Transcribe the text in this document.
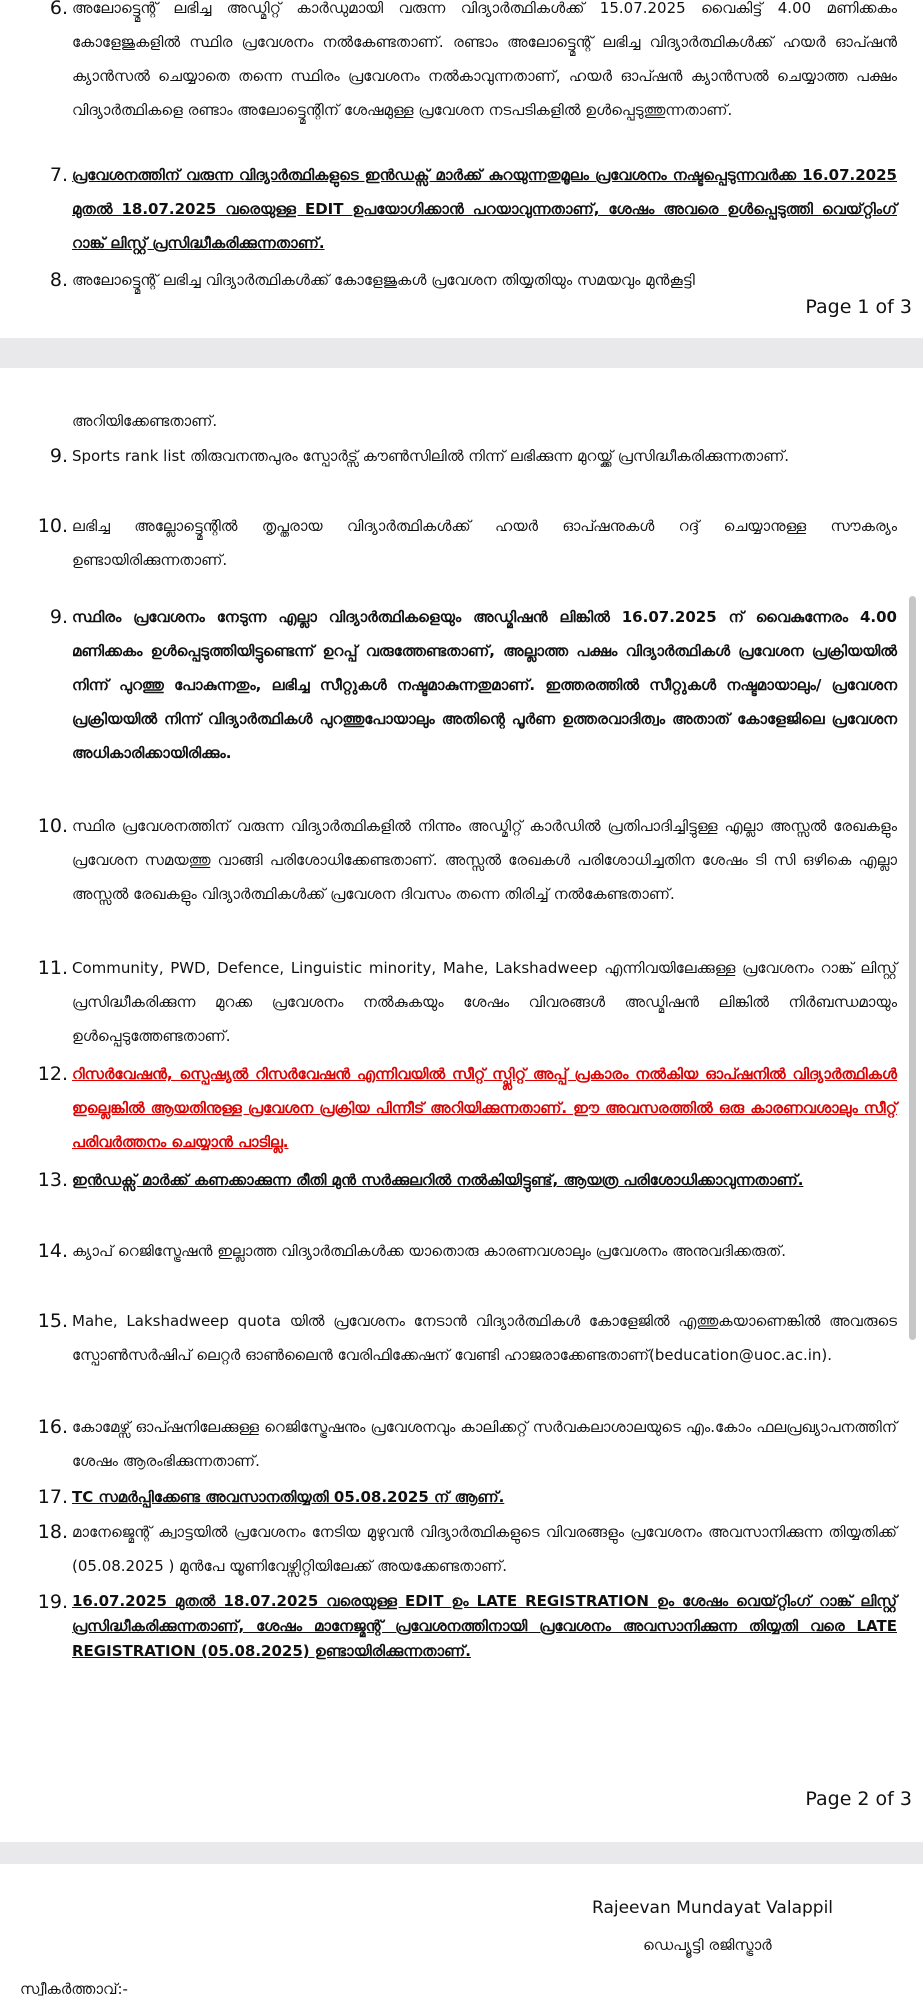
6. അലോട്ട്മെന്റ് ലഭിച്ച അഡ്മിറ്റ് കാർഡുമായി വരുന്ന വിദ്യാർത്ഥികൾക്ക് 15.07.2025 വൈകിട്ട് 4.00 മണിക്കകം കോളേജുകളിൽ സ്ഥിര പ്രവേശനം നൽകേണ്ടതാണ്. രണ്ടാം അലോട്ട്മെന്റ് ലഭിച്ച വിദ്യാർത്ഥികൾക്ക് ഹയർ ഓപ്ഷൻ ക്യാൻസൽ ചെയ്യാതെ തന്നെ സ്ഥിരം പ്രവേശനം നൽകാവുന്നതാണ്, ഹയർ ഓപ്ഷൻ ക്യാൻസൽ ചെയ്യാത്ത പക്ഷം വിദ്യാർത്ഥികളെ രണ്ടാം അലോട്ട്മെന്റിന് ശേഷമുള്ള പ്രവേശന നടപടികളിൽ ഉൾപ്പെടുത്തുന്നതാണ്.
7. പ്രവേശനത്തിന് വരുന്ന വിദ്യാർത്ഥികളുടെ ഇൻഡക്സ് മാർക്ക് കുറയുന്നതുമൂലം പ്രവേശനം നഷ്ടപ്പെടുന്നവർക്ക 16.07.2025 മുതൽ 18.07.2025 വരെയുള്ള EDIT ഉപയോഗിക്കാൻ പറയാവുന്നതാണ്, ശേഷം അവരെ ഉൾപ്പെടുത്തി വെയ്റ്റിംഗ് റാങ്ക് ലിസ്റ്റ് പ്രസിദ്ധീകരിക്കുന്നതാണ്.
8. അലോട്ട്മെന്റ് ലഭിച്ച വിദ്യാർത്ഥികൾക്ക് കോളേജുകൾ പ്രവേശന തിയ്യതിയും സമയവും മുൻകൂട്ടി
Page 1 of 3
അറിയിക്കേണ്ടതാണ്.
9. Sports rank list തിരുവനന്തപുരം സ്പോർട്സ് കൗൺസിലിൽ നിന്ന് ലഭിക്കുന്ന മുറയ്ക്ക് പ്രസിദ്ധീകരിക്കുന്നതാണ്.
10. ലഭിച്ച അല്ലോട്ട്മെന്റിൽ തൃപ്തരായ വിദ്യാർത്ഥികൾക്ക് ഹയർ ഓപ്ഷനുകൾ റദ്ദ് ചെയ്യാനുള്ള സൗകര്യം ഉണ്ടായിരിക്കുന്നതാണ്.
9. സ്ഥിരം പ്രവേശനം നേടുന്ന എല്ലാ വിദ്യാർത്ഥികളെയും അഡ്മിഷൻ ലിങ്കിൽ 16.07.2025 ന് വൈകുന്നേരം 4.00 മണിക്കകം ഉൾപ്പെടുത്തിയിട്ടുണ്ടെന്ന് ഉറപ്പ് വരുത്തേണ്ടതാണ്, അല്ലാത്ത പക്ഷം വിദ്യാർത്ഥികൾ പ്രവേശന പ്രക്രിയയിൽ നിന്ന് പുറത്തു പോകുന്നതും, ലഭിച്ച സീറ്റുകൾ നഷ്ടമാകുന്നതുമാണ്. ഇത്തരത്തിൽ സീറ്റുകൾ നഷ്ടമായാലും/ പ്രവേശന പ്രക്രിയയിൽ നിന്ന് വിദ്യാർത്ഥികൾ പുറത്തുപോയാലും അതിന്റെ പൂർണ ഉത്തരവാദിത്വം അതാത് കോളേജിലെ പ്രവേശന അധികാരിക്കായിരിക്കും.
10. സ്ഥിര പ്രവേശനത്തിന് വരുന്ന വിദ്യാർത്ഥികളിൽ നിന്നും അഡ്മിറ്റ് കാർഡിൽ പ്രതിപാദിച്ചിട്ടുള്ള എല്ലാ അസ്സൽ രേഖകളും പ്രവേശന സമയത്തു വാങ്ങി പരിശോധിക്കേണ്ടതാണ്. അസ്സൽ രേഖകൾ പരിശോധിച്ചതിന ശേഷം ടി സി ഒഴികെ എല്ലാ അസ്സൽ രേഖകളും വിദ്യാർത്ഥികൾക്ക് പ്രവേശന ദിവസം തന്നെ തിരിച്ച് നൽകേണ്ടതാണ്.
11. Community, PWD, Defence, Linguistic minority, Mahe, Lakshadweep എന്നിവയിലേക്കുള്ള പ്രവേശനം റാങ്ക് ലിസ്റ്റ് പ്രസിദ്ധീകരിക്കുന്ന മുറക്ക പ്രവേശനം നൽകുകയും ശേഷം വിവരങ്ങൾ അഡ്മിഷൻ ലിങ്കിൽ നിർബന്ധമായും ഉൾപ്പെടുത്തേണ്ടതാണ്.
12. റിസർവേഷൻ, സ്പെഷ്യൽ റിസർവേഷൻ എന്നിവയിൽ സീറ്റ് സ്പ്ലിറ്റ് അപ്പ് പ്രകാരം നൽകിയ ഓപ്ഷനിൽ വിദ്യാർത്ഥികൾ ഇല്ലെങ്കിൽ ആയതിനുള്ള പ്രവേശന പ്രക്രിയ പിന്നീട് അറിയിക്കുന്നതാണ്. ഈ അവസരത്തിൽ ഒരു കാരണവശാലും സീറ്റ് പരിവർത്തനം ചെയ്യാൻ പാടില്ല.
13. ഇൻഡക്സ് മാർക്ക് കണക്കാക്കുന്ന രീതി മുൻ സർക്കുലറിൽ നൽകിയിട്ടുണ്ട്, ആയത്ര പരിശോധിക്കാവുന്നതാണ്.
14. ക്യാപ് റെജിസ്ട്രേഷൻ ഇല്ലാത്ത വിദ്യാർത്ഥികൾക്ക യാതൊരു കാരണവശാലും പ്രവേശനം അനുവദിക്കരുത്.
15. Mahe, Lakshadweep quota യിൽ പ്രവേശനം നേടാൻ വിദ്യാർത്ഥികൾ കോളേജിൽ എത്തുകയാണെങ്കിൽ അവരുടെ സ്പോൺസർഷിപ് ലെറ്റർ ഓൺലൈൻ വേരിഫിക്കേഷന് വേണ്ടി ഹാജരാക്കേണ്ടതാണ്(beducation@uoc.ac.in).
16. കോമേഴ്സ് ഓപ്ഷനിലേക്കുള്ള റെജിസ്ട്രേഷനും പ്രവേശനവും കാലിക്കറ്റ് സർവകലാശാലയുടെ എം.കോം ഫലപ്രഖ്യാപനത്തിന് ശേഷം ആരംഭിക്കുന്നതാണ്.
17. TC സമർപ്പിക്കേണ്ട അവസാനതിയ്യതി 05.08.2025 ന് ആണ്.
18. മാനേജ്മെന്റ് ക്വാട്ടയിൽ പ്രവേശനം നേടിയ മുഴുവൻ വിദ്യാർത്ഥികളുടെ വിവരങ്ങളും പ്രവേശനം അവസാനിക്കുന്ന തിയ്യതിക്ക് (05.08.2025 ) മുൻപേ യൂണിവേഴ്സിറ്റിയിലേക്ക് അയക്കേണ്ടതാണ്.
19. 16.07.2025 മുതൽ 18.07.2025 വരെയുള്ള EDIT ഉം LATE REGISTRATION ഉം ശേഷം വെയ്റ്റിംഗ് റാങ്ക് ലിസ്റ്റ് പ്രസിദ്ധീകരിക്കുന്നതാണ്, ശേഷം മാനേജ്മന്റ് പ്രവേശനത്തിനായി പ്രവേശനം അവസാനിക്കുന്ന തിയ്യതി വരെ LATE REGISTRATION (05.08.2025) ഉണ്ടായിരിക്കുന്നതാണ്.
Page 2 of 3
Rajeevan Mundayat Valappil
ഡെപ്യൂട്ടി രജിസ്ട്രാർ
സ്വീകർത്താവ്:-
